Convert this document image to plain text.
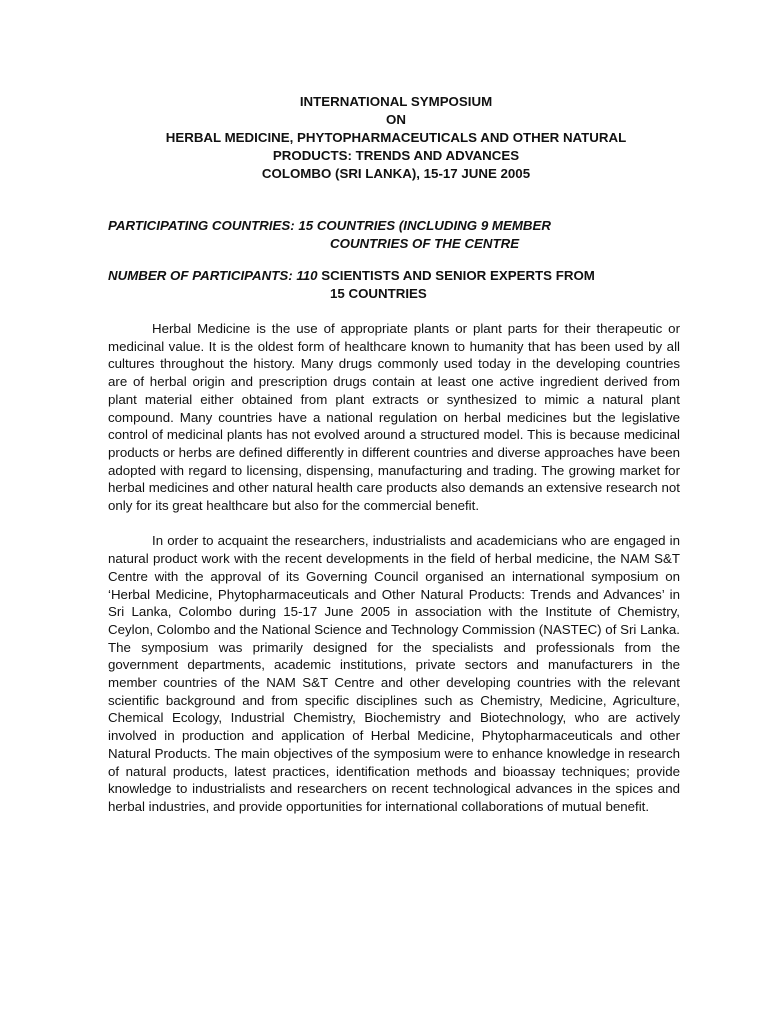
INTERNATIONAL SYMPOSIUM
ON
HERBAL MEDICINE, PHYTOPHARMACEUTICALS AND OTHER NATURAL
PRODUCTS: TRENDS AND ADVANCES
COLOMBO (SRI LANKA), 15-17 JUNE 2005
PARTICIPATING COUNTRIES: 15 COUNTRIES (INCLUDING 9 MEMBER
COUNTRIES OF THE CENTRE
NUMBER OF PARTICIPANTS: 110 SCIENTISTS AND SENIOR EXPERTS FROM
15 COUNTRIES

Herbal Medicine is the use of appropriate plants or plant parts for their therapeutic or medicinal value. It is the oldest form of healthcare known to humanity that has been used by all cultures throughout the history. Many drugs commonly used today in the developing countries are of herbal origin and prescription drugs contain at least one active ingredient derived from plant material either obtained from plant extracts or synthesized to mimic a natural plant compound. Many countries have a national regulation on herbal medicines but the legislative control of medicinal plants has not evolved around a structured model. This is because medicinal products or herbs are defined differently in different countries and diverse approaches have been adopted with regard to licensing, dispensing, manufacturing and trading. The growing market for herbal medicines and other natural health care products also demands an extensive research not only for its great healthcare but also for the commercial benefit.

In order to acquaint the researchers, industrialists and academicians who are engaged in natural product work with the recent developments in the field of herbal medicine, the NAM S&T Centre with the approval of its Governing Council organised an international symposium on ‘Herbal Medicine, Phytopharmaceuticals and Other Natural Products: Trends and Advances’ in Sri Lanka, Colombo during 15-17 June 2005 in association with the Institute of Chemistry, Ceylon, Colombo and the National Science and Technology Commission (NASTEC) of Sri Lanka. The symposium was primarily designed for the specialists and professionals from the government departments, academic institutions, private sectors and manufacturers in the member countries of the NAM S&T Centre and other developing countries with the relevant scientific background and from specific disciplines such as Chemistry, Medicine, Agriculture, Chemical Ecology, Industrial Chemistry, Biochemistry and Biotechnology, who are actively involved in production and application of Herbal Medicine, Phytopharmaceuticals and other Natural Products. The main objectives of the symposium were to enhance knowledge in research of natural products, latest practices, identification methods and bioassay techniques; provide knowledge to industrialists and researchers on recent technological advances in the spices and herbal industries, and provide opportunities for international collaborations of mutual benefit.
